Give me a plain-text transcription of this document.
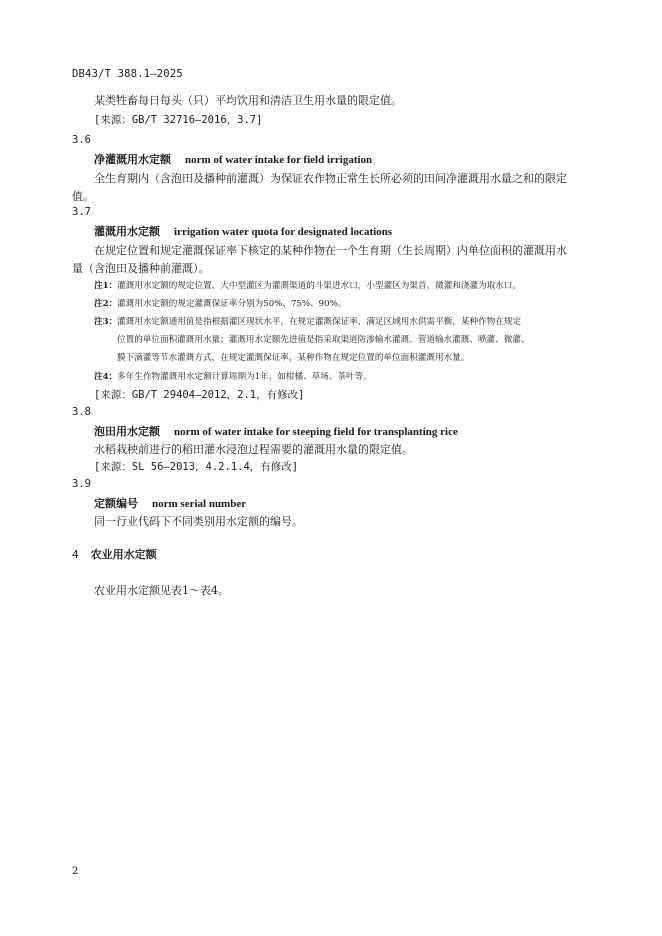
DB43/T 388.1—2025
某类牲畜每日每头（只）平均饮用和清洁卫生用水量的限定值。
[来源：GB/T 32716—2016，3.7]
3.6
净灌溉用水定额 norm of water intake for field irrigation
全生育期内（含泡田及播种前灌溉）为保证农作物正常生长所必须的田间净灌溉用水量之和的限定
值。
3.7
灌溉用水定额 irrigation water quota for designated locations
在规定位置和规定灌溉保证率下核定的某种作物在一个生育期（生长周期）内单位面积的灌溉用水
量（含泡田及播种前灌溉）。
注1：灌溉用水定额的规定位置，大中型灌区为灌溉渠道的斗渠进水口，小型灌区为渠首，微灌和浇灌为取水口。
注2：灌溉用水定额的规定灌溉保证率分别为50%、75%、90%。
注3：灌溉用水定额通用值是指根据灌区现状水平，在规定灌溉保证率，满足区域用水供需平衡，某种作物在规定
位置的单位面积灌溉用水量；灌溉用水定额先进值是指采取渠道防渗输水灌溉、管道输水灌溉、喷灌、微灌、
膜下滴灌等节水灌溉方式，在规定灌溉保证率，某种作物在规定位置的单位面积灌溉用水量。
注4：多年生作物灌溉用水定额计算周期为1年，如柑橘、草场、茶叶等。
[来源：GB/T 29404—2012，2.1，有修改]
3.8
泡田用水定额 norm of water intake for steeping field for transplanting rice
水稻栽秧前进行的稻田灌水浸泡过程需要的灌溉用水量的限定值。
[来源：SL 56—2013，4.2.1.4，有修改]
3.9
定额编号 norm serial number
同一行业代码下不同类别用水定额的编号。
4 农业用水定额
农业用水定额见表1～表4。
2
